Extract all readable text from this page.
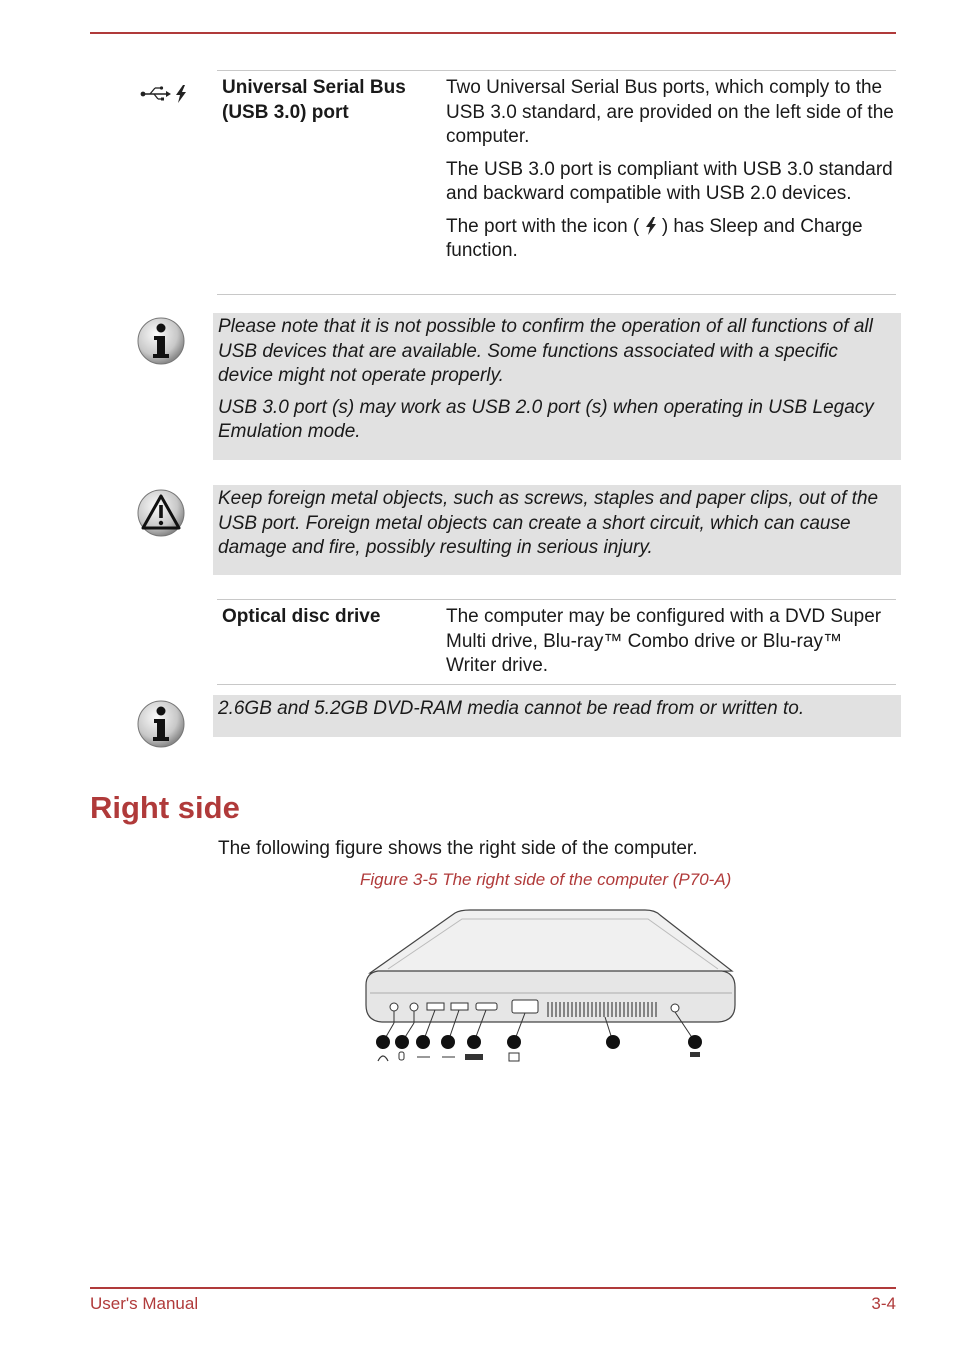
Universal Serial Bus (USB 3.0) port

Two Universal Serial Bus ports, which comply to the USB 3.0 standard, are provided on the left side of the computer.

The USB 3.0 port is compliant with USB 3.0 standard and backward compatible with USB 2.0 devices.

The port with the icon (  ) has Sleep and Charge function.

Please note that it is not possible to confirm the operation of all functions of all USB devices that are available. Some functions associated with a specific device might not operate properly.

USB 3.0 port (s) may work as USB 2.0 port (s) when operating in USB Legacy Emulation mode.

Keep foreign metal objects, such as screws, staples and paper clips, out of the USB port. Foreign metal objects can create a short circuit, which can cause damage and fire, possibly resulting in serious injury.

Optical disc drive	The computer may be configured with a DVD Super Multi drive, Blu-ray™ Combo drive or Blu-ray™ Writer drive.

2.6GB and 5.2GB DVD-RAM media cannot be read from or written to.

Right side
The following figure shows the right side of the computer.
Figure 3-5 The right side of the computer (P70-A)
User's Manual	3-4
